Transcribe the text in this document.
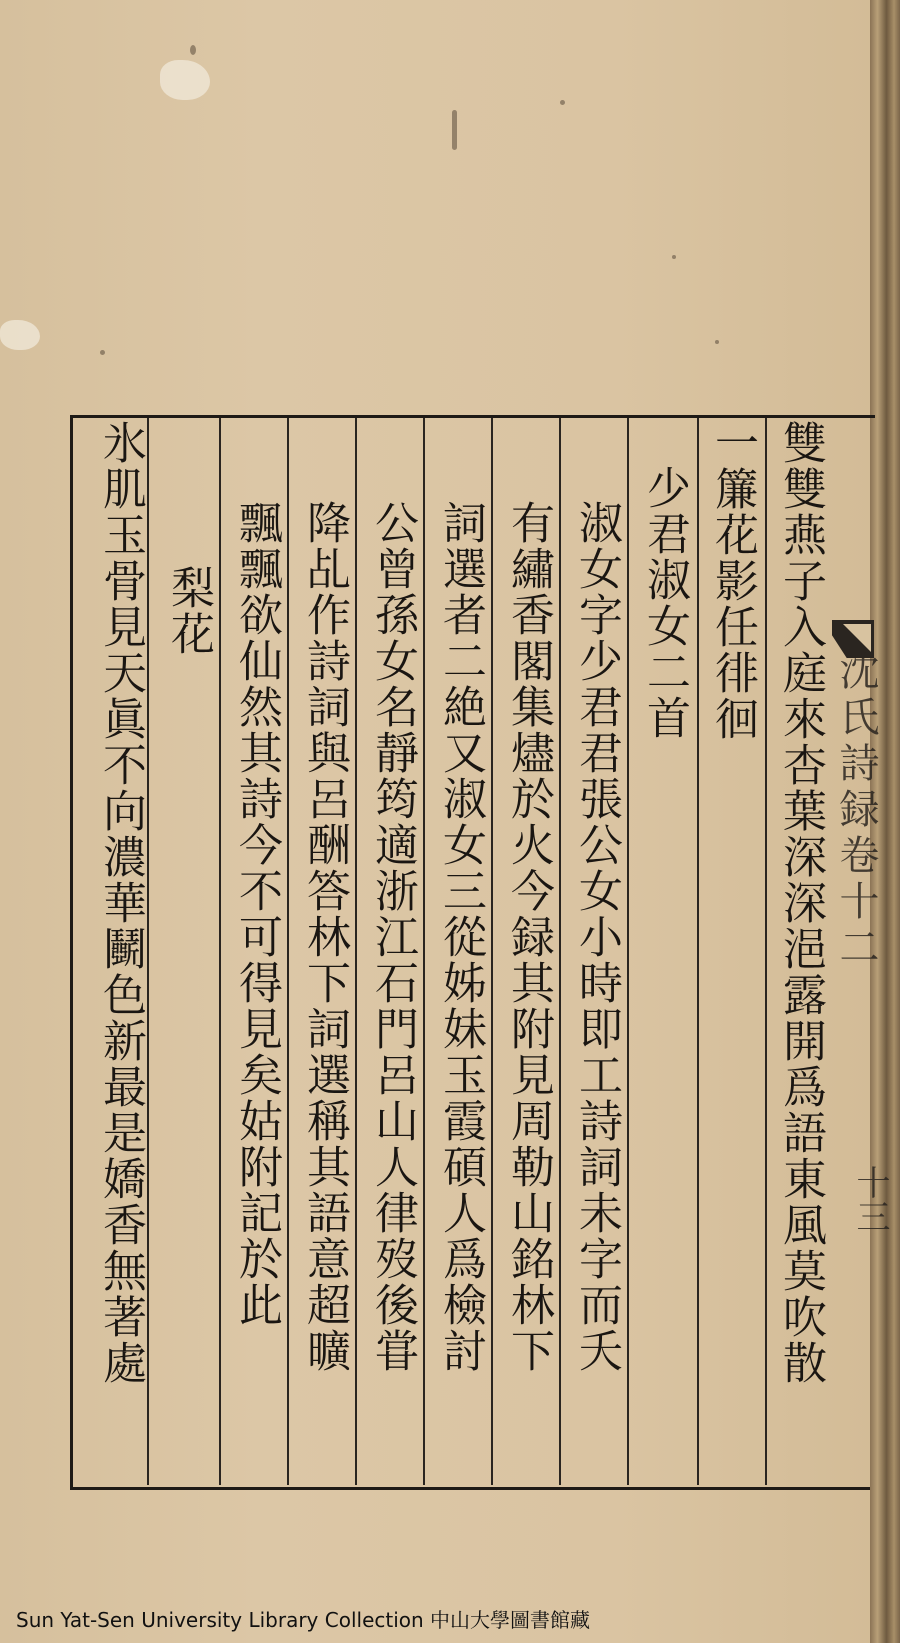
雙雙燕子入庭來杏葉深深浥露開爲語東風莫吹散
一簾花影任徘徊
少君淑女二首
淑女字少君君張公女小時即工詩詞未字而夭
有繡香閣集燼於火今録其附見周勒山銘林下
詞選者二絶又淑女三從姊妹玉霞碩人爲檢討
公曾孫女名靜筠適浙江石門呂山人律歿後甞
降乩作詩詞與呂酬答林下詞選稱其語意超曠
飄飄欲仙然其詩今不可得見矣姑附記於此
梨花
氷肌玉骨見天眞不向濃華鬭色新最是嬌香無著處	沈氏詩録卷十二
十三
Sun Yat-Sen University Library Collection 中山大學圖書館藏
